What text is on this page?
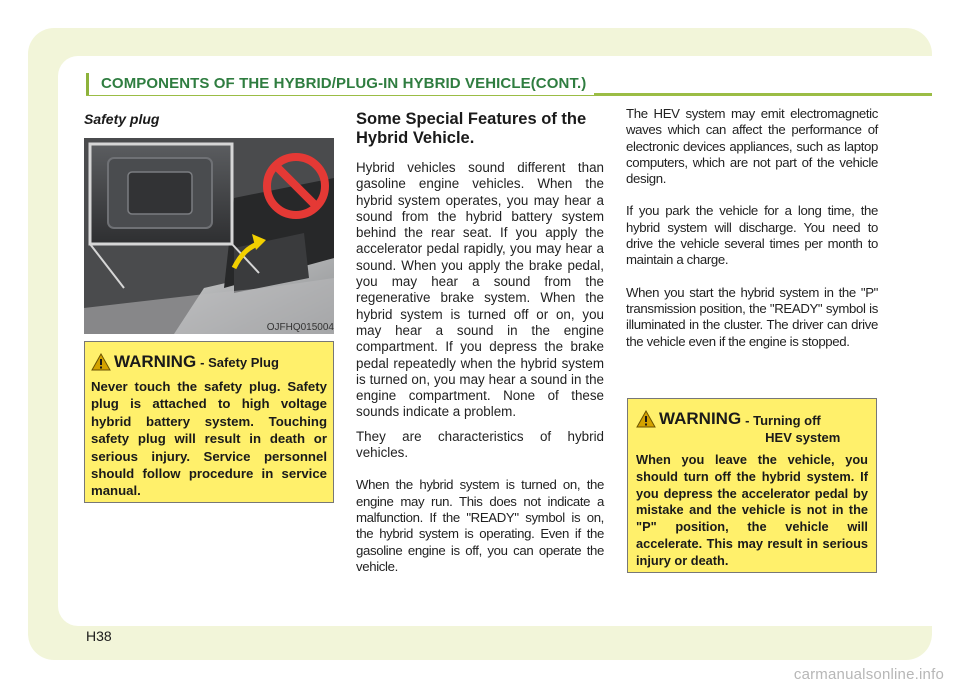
COMPONENTS OF THE HYBRID/PLUG-IN HYBRID VEHICLE(CONT.)
Safety plug
OJFHQ015004
WARNING - Safety Plug
Never touch the safety plug. Safety plug is attached to high voltage hybrid battery system. Touching safety plug will result in death or serious injury. Service personnel should follow procedure in service manual.
Some Special Features of the Hybrid Vehicle.
Hybrid vehicles sound different than gasoline engine vehicles. When the hybrid system operates, you may hear a sound from the hybrid battery system behind the rear seat. If you apply the accelerator pedal rapidly, you may hear a sound. When you apply the brake pedal, you may hear a sound from the regenerative brake system. When the hybrid system is turned off or on, you may hear a sound in the engine compartment. If you depress the brake pedal repeatedly when the hybrid system is turned on, you may hear a sound in the engine compartment. None of these sounds indicate a problem.
They are characteristics of hybrid vehicles.
When the hybrid system is turned on, the engine may run. This does not indicate a malfunction. If the "READY" symbol is on, the hybrid system is operating. Even if the gasoline engine is off, you can operate the vehicle.
The HEV system may emit electromagnetic waves which can affect the performance of electronic devices appliances, such as laptop computers, which are not part of the vehicle design.
If you park the vehicle for a long time, the hybrid system will discharge. You need to drive the vehicle several times per month to maintain a charge.
When you start the hybrid system in the "P" transmission position, the "READY" symbol is illuminated in the cluster. The driver can drive the vehicle even if the engine is stopped.
WARNING - Turning off
HEV system
When you leave the vehicle, you should turn off the hybrid system. If you depress the accelerator pedal by mistake and the vehicle is not in the "P" position, the vehicle will accelerate. This may result in serious injury or death.
H38
carmanualsonline.info
